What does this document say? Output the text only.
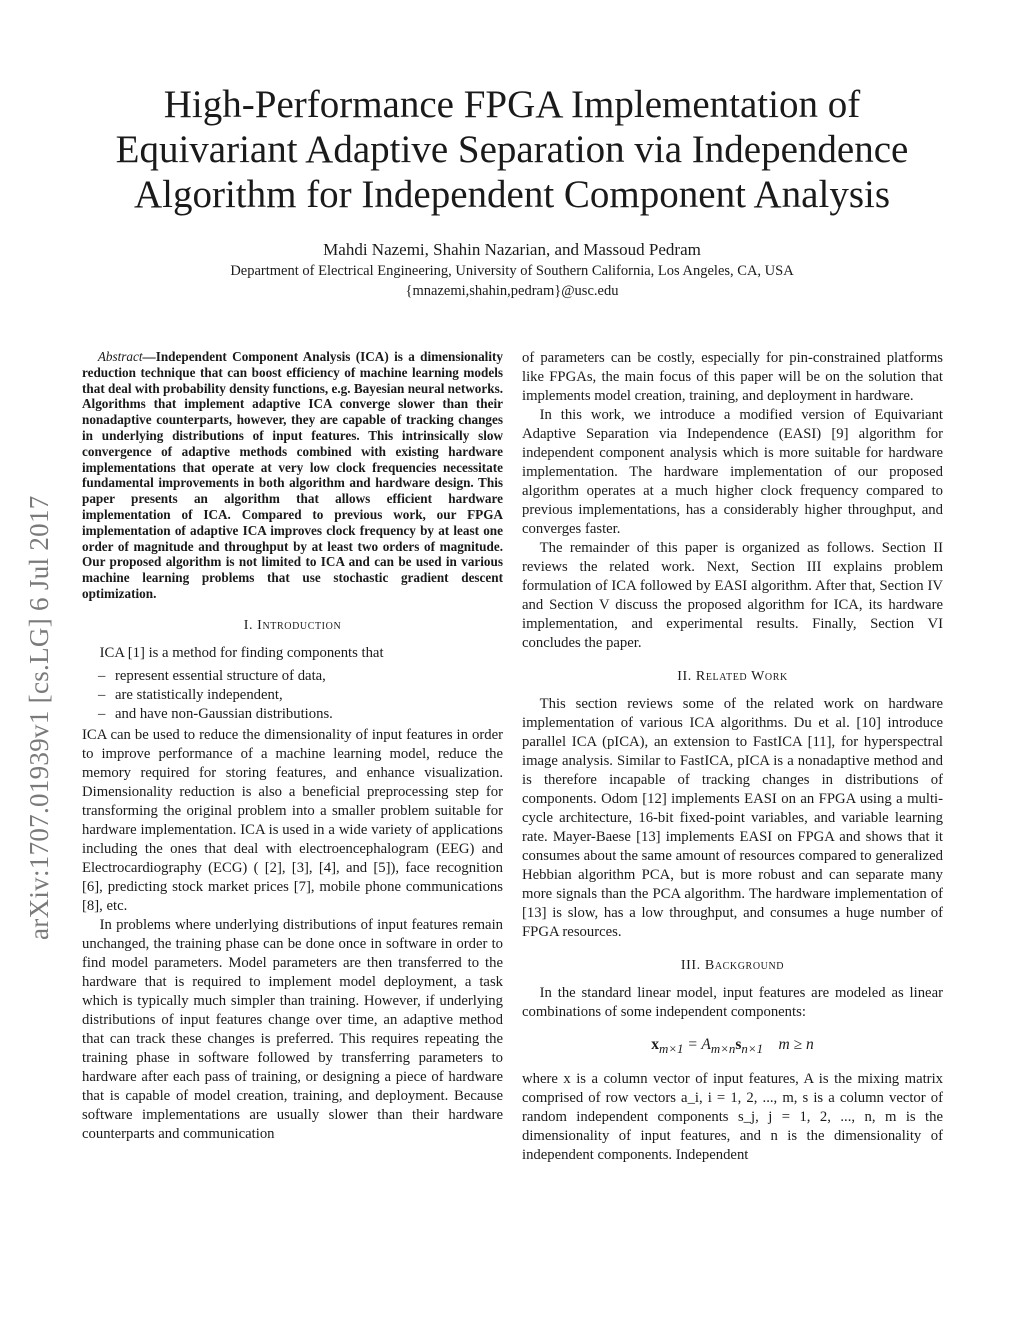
arXiv:1707.01939v1 [cs.LG] 6 Jul 2017
High-Performance FPGA Implementation of
Equivariant Adaptive Separation via Independence
Algorithm for Independent Component Analysis
Mahdi Nazemi, Shahin Nazarian, and Massoud Pedram
Department of Electrical Engineering, University of Southern California, Los Angeles, CA, USA
{mnazemi,shahin,pedram}@usc.edu

Abstract—Independent Component Analysis (ICA) is a dimensionality reduction technique that can boost efficiency of machine learning models that deal with probability density functions, e.g. Bayesian neural networks. Algorithms that implement adaptive ICA converge slower than their nonadaptive counterparts, however, they are capable of tracking changes in underlying distributions of input features. This intrinsically slow convergence of adaptive methods combined with existing hardware implementations that operate at very low clock frequencies necessitate fundamental improvements in both algorithm and hardware design. This paper presents an algorithm that allows efficient hardware implementation of ICA. Compared to previous work, our FPGA implementation of adaptive ICA improves clock frequency by at least one order of magnitude and throughput by at least two orders of magnitude. Our proposed algorithm is not limited to ICA and can be used in various machine learning problems that use stochastic gradient descent optimization.

I. Introduction

ICA [1] is a method for finding components that

– represent essential structure of data,
– are statistically independent,
– and have non-Gaussian distributions.

ICA can be used to reduce the dimensionality of input features in order to improve performance of a machine learning model, reduce the memory required for storing features, and enhance visualization. Dimensionality reduction is also a beneficial preprocessing step for transforming the original problem into a smaller problem suitable for hardware implementation. ICA is used in a wide variety of applications including the ones that deal with electroencephalogram (EEG) and Electrocardiography (ECG) ( [2], [3], [4], and [5]), face recognition [6], predicting stock market prices [7], mobile phone communications [8], etc.

In problems where underlying distributions of input features remain unchanged, the training phase can be done once in software in order to find model parameters. Model parameters are then transferred to the hardware that is required to implement model deployment, a task which is typically much simpler than training. However, if underlying distributions of input features change over time, an adaptive method that can track these changes is preferred. This requires repeating the training phase in software followed by transferring parameters to hardware after each pass of training, or designing a piece of hardware that is capable of model creation, training, and deployment. Because software implementations are usually slower than their hardware counterparts and communication

of parameters can be costly, especially for pin-constrained platforms like FPGAs, the main focus of this paper will be on the solution that implements model creation, training, and deployment in hardware.

In this work, we introduce a modified version of Equivariant Adaptive Separation via Independence (EASI) [9] algorithm for independent component analysis which is more suitable for hardware implementation. The hardware implementation of our proposed algorithm operates at a much higher clock frequency compared to previous implementations, has a considerably higher throughput, and converges faster.

The remainder of this paper is organized as follows. Section II reviews the related work. Next, Section III explains problem formulation of ICA followed by EASI algorithm. After that, Section IV and Section V discuss the proposed algorithm for ICA, its hardware implementation, and experimental results. Finally, Section VI concludes the paper.

II. Related Work

This section reviews some of the related work on hardware implementation of various ICA algorithms. Du et al. [10] introduce parallel ICA (pICA), an extension to FastICA [11], for hyperspectral image analysis. Similar to FastICA, pICA is a nonadaptive method and is therefore incapable of tracking changes in distributions of components. Odom [12] implements EASI on an FPGA using a multi-cycle architecture, 16-bit fixed-point variables, and variable learning rate. Mayer-Baese [13] implements EASI on FPGA and shows that it consumes about the same amount of resources compared to generalized Hebbian algorithm PCA, but is more robust and can separate many more signals than the PCA algorithm. The hardware implementation of [13] is slow, has a low throughput, and consumes a huge number of FPGA resources.

III. Background

In the standard linear model, input features are modeled as linear combinations of some independent components:

$x_{m\times 1} = A_{m\times n}s_{n\times 1}$ m ≥ n

where x is a column vector of input features, A is the mixing matrix comprised of row vectors a_i, i = 1, 2, ..., m, s is a column vector of random independent components s_j, j = 1, 2, ..., n, m is the dimensionality of input features, and n is the dimensionality of independent components. Independent
